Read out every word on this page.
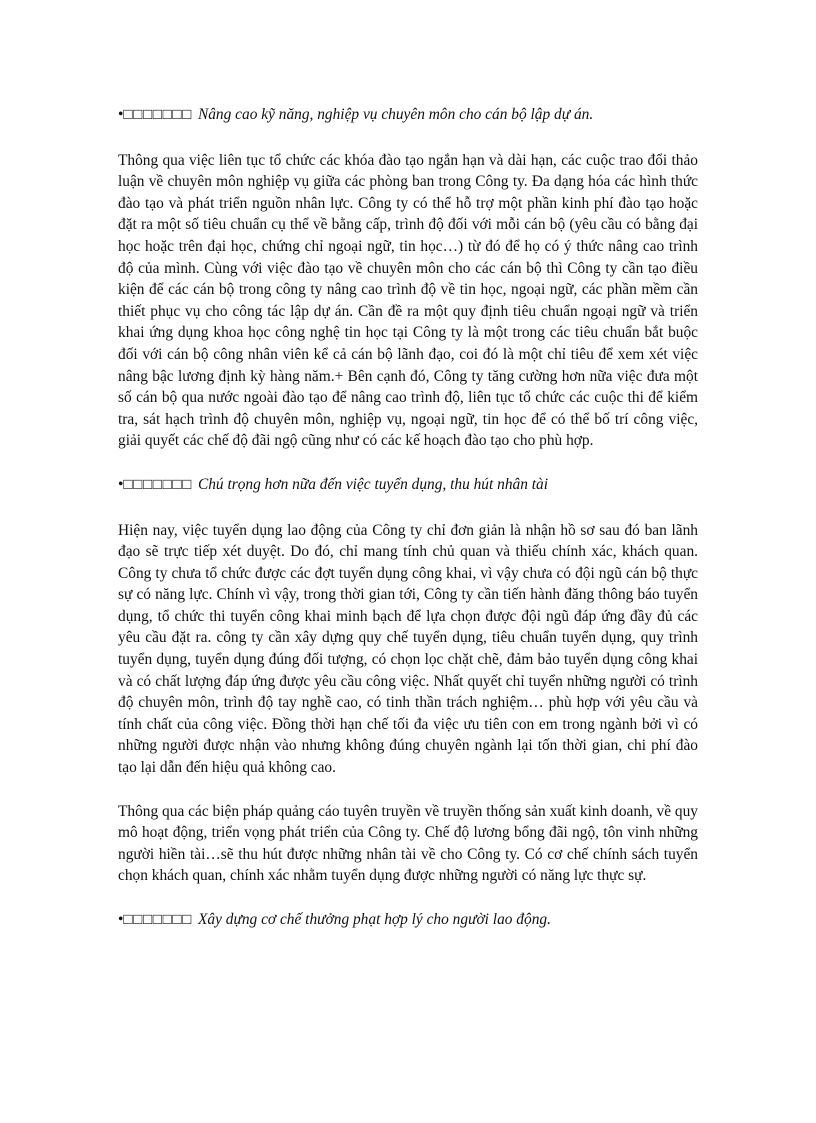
•□□□□□□□ Nâng cao kỹ năng, nghiệp vụ chuyên môn cho cán bộ lập dự án.

Thông qua việc liên tục tổ chức các khóa đào tạo ngắn hạn và dài hạn, các cuộc trao đổi thảo luận về chuyên môn nghiệp vụ giữa các phòng ban trong Công ty. Đa dạng hóa các hình thức đào tạo và phát triển nguồn nhân lực. Công ty có thể hỗ trợ một phần kinh phí đào tạo hoặc đặt ra một số tiêu chuẩn cụ thể về bằng cấp, trình độ đối với mỗi cán bộ (yêu cầu có bằng đại học hoặc trên đại học, chứng chỉ ngoại ngữ, tin học…) từ đó để họ có ý thức nâng cao trình độ của mình. Cùng với việc đào tạo về chuyên môn cho các cán bộ thì Công ty cần tạo điều kiện để các cán bộ trong công ty nâng cao trình độ về tin học, ngoại ngữ, các phần mềm cần thiết phục vụ cho công tác lập dự án. Cần đề ra một quy định tiêu chuẩn ngoại ngữ và triển khai ứng dụng khoa học công nghệ tin học tại Công ty là một trong các tiêu chuẩn bắt buộc đối với cán bộ công nhân viên kể cả cán bộ lãnh đạo, coi đó là một chỉ tiêu để xem xét việc nâng bậc lương định kỳ hàng năm.+ Bên cạnh đó, Công ty tăng cường hơn nữa việc đưa một số cán bộ qua nước ngoài đào tạo để nâng cao trình độ, liên tục tổ chức các cuộc thi để kiểm tra, sát hạch trình độ chuyên môn, nghiệp vụ, ngoại ngữ, tin học để có thể bố trí công việc, giải quyết các chế độ đãi ngộ cũng như có các kế hoạch đào tạo cho phù hợp.

•□□□□□□□ Chú trọng hơn nữa đến việc tuyển dụng, thu hút nhân tài

Hiện nay, việc tuyển dụng lao động của Công ty chỉ đơn giản là nhận hồ sơ sau đó ban lãnh đạo sẽ trực tiếp xét duyệt. Do đó, chỉ mang tính chủ quan và thiếu chính xác, khách quan. Công ty chưa tổ chức được các đợt tuyển dụng công khai, vì vậy chưa có đội ngũ cán bộ thực sự có năng lực. Chính vì vậy, trong thời gian tới, Công ty cần tiến hành đăng thông báo tuyển dụng, tổ chức thi tuyển công khai minh bạch để lựa chọn được đội ngũ đáp ứng đầy đủ các yêu cầu đặt ra. công ty cần xây dựng quy chế tuyển dụng, tiêu chuẩn tuyển dụng, quy trình tuyển dụng, tuyển dụng đúng đối tượng, có chọn lọc chặt chẽ, đảm bảo tuyển dụng công khai và có chất lượng đáp ứng được yêu cầu công việc. Nhất quyết chỉ tuyển những người có trình độ chuyên môn, trình độ tay nghề cao, có tinh thần trách nghiệm… phù hợp với yêu cầu và tính chất của công việc. Đồng thời hạn chế tối đa việc ưu tiên con em trong ngành bởi vì có những người được nhận vào nhưng không đúng chuyên ngành lại tốn thời gian, chi phí đào tạo lại dẫn đến hiệu quả không cao.

Thông qua các biện pháp quảng cáo tuyên truyền về truyền thống sản xuất kinh doanh, về quy mô hoạt động, triển vọng phát triển của Công ty. Chế độ lương bổng đãi ngộ, tôn vinh những người hiền tài…sẽ thu hút được những nhân tài về cho Công ty. Có cơ chế chính sách tuyển chọn khách quan, chính xác nhằm tuyển dụng được những người có năng lực thực sự.

•□□□□□□□ Xây dựng cơ chế thưởng phạt hợp lý cho người lao động.
